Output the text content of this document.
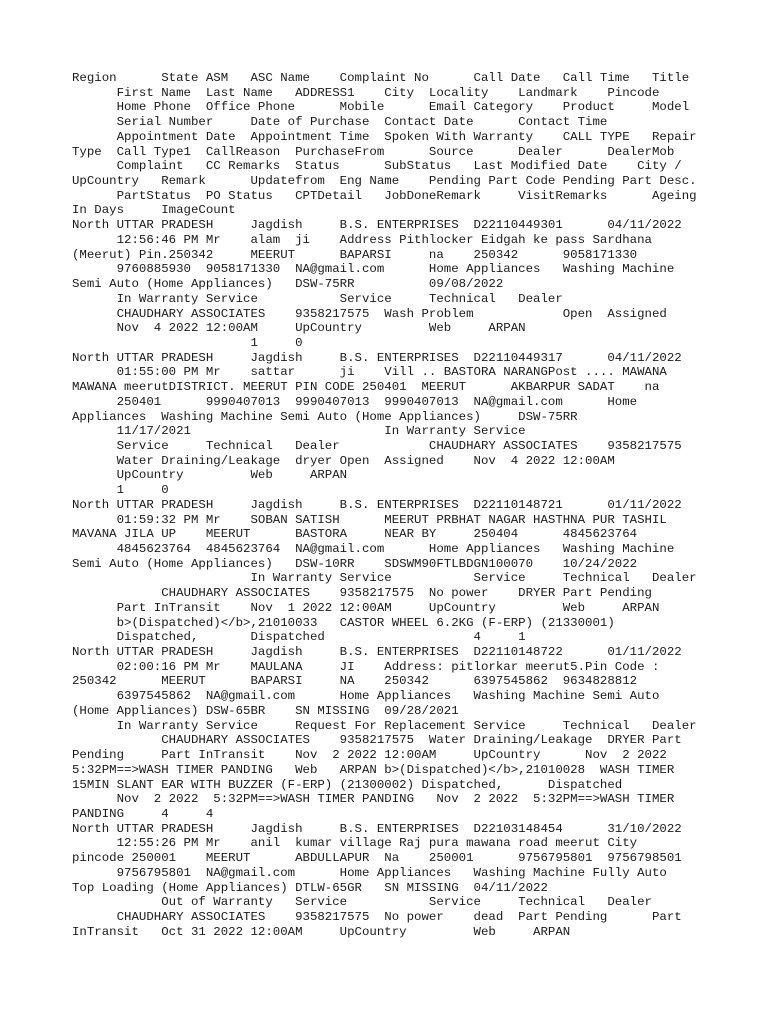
Region      State ASM   ASC Name    Complaint No      Call Date   Call Time   Title
First Name  Last Name   ADDRESS1    City  Locality    Landmark    Pincode
Home Phone  Office Phone      Mobile      Email Category    Product     Model
Serial Number     Date of Purchase  Contact Date      Contact Time
Appointment Date  Appointment Time  Spoken With Warranty    CALL TYPE   Repair
Type  Call Type1  CallReason  PurchaseFrom      Source      Dealer      DealerMob
Complaint   CC Remarks  Status      SubStatus   Last Modified Date    City /
UpCountry   Remark      Updatefrom  Eng Name    Pending Part Code Pending Part Desc.
PartStatus  PO Status   CPTDetail   JobDoneRemark     VisitRemarks      Ageing
In Days     ImageCount
North UTTAR PRADESH     Jagdish     B.S. ENTERPRISES  D22110449301      04/11/2022
12:56:46 PM Mr    alam  ji    Address Pithlocker Eidgah ke pass Sardhana
(Meerut) Pin.250342     MEERUT      BAPARSI     na    250342      9058171330
9760885930  9058171330  NA@gmail.com      Home Appliances   Washing Machine
Semi Auto (Home Appliances)   DSW-75RR          09/08/2022
In Warranty Service           Service     Technical   Dealer
CHAUDHARY ASSOCIATES    9358217575  Wash Problem            Open  Assigned
Nov  4 2022 12:00AM     UpCountry         Web     ARPAN
1     0
North UTTAR PRADESH     Jagdish     B.S. ENTERPRISES  D22110449317      04/11/2022
01:55:00 PM Mr    sattar      ji    Vill .. BASTORA NARANGPost .... MAWANA
MAWANA meerutDISTRICT. MEERUT PIN CODE 250401  MEERUT      AKBARPUR SADAT    na
250401      9990407013  9990407013  9990407013  NA@gmail.com      Home
Appliances  Washing Machine Semi Auto (Home Appliances)     DSW-75RR
11/17/2021                          In Warranty Service
Service     Technical   Dealer            CHAUDHARY ASSOCIATES    9358217575
Water Draining/Leakage  dryer Open  Assigned    Nov  4 2022 12:00AM
UpCountry         Web     ARPAN
1     0
North UTTAR PRADESH     Jagdish     B.S. ENTERPRISES  D22110148721      01/11/2022
01:59:32 PM Mr    SOBAN SATISH      MEERUT PRBHAT NAGAR HASTHNA PUR TASHIL
MAVANA JILA UP    MEERUT      BASTORA     NEAR BY     250404      4845623764
4845623764  4845623764  NA@gmail.com      Home Appliances   Washing Machine
Semi Auto (Home Appliances)   DSW-10RR    SDSWM90FTLBDGN100070    10/24/2022
In Warranty Service           Service     Technical   Dealer
CHAUDHARY ASSOCIATES    9358217575  No power    DRYER Part Pending
Part InTransit    Nov  1 2022 12:00AM     UpCountry         Web     ARPAN
b>(Dispatched)</b>,21010033   CASTOR WHEEL 6.2KG (F-ERP) (21330001)
Dispatched,       Dispatched                    4     1
North UTTAR PRADESH     Jagdish     B.S. ENTERPRISES  D22110148722      01/11/2022
02:00:16 PM Mr    MAULANA     JI    Address: pitlorkar meerut5.Pin Code :
250342      MEERUT      BAPARSI     NA    250342      6397545862  9634828812
6397545862  NA@gmail.com      Home Appliances   Washing Machine Semi Auto
(Home Appliances) DSW-65BR    SN MISSING  09/28/2021
In Warranty Service     Request For Replacement Service     Technical   Dealer
CHAUDHARY ASSOCIATES    9358217575  Water Draining/Leakage  DRYER Part
Pending     Part InTransit    Nov  2 2022 12:00AM     UpCountry      Nov  2 2022
5:32PM==>WASH TIMER PANDING   Web   ARPAN b>(Dispatched)</b>,21010028  WASH TIMER
15MIN SLANT EAR WITH BUZZER (F-ERP) (21300002) Dispatched,      Dispatched
Nov  2 2022  5:32PM==>WASH TIMER PANDING   Nov  2 2022  5:32PM==>WASH TIMER
PANDING     4     4
North UTTAR PRADESH     Jagdish     B.S. ENTERPRISES  D22103148454      31/10/2022
12:55:26 PM Mr    anil  kumar village Raj pura mawana road meerut City
pincode 250001    MEERUT      ABDULLAPUR  Na    250001      9756795801  9756798501
9756795801  NA@gmail.com      Home Appliances   Washing Machine Fully Auto
Top Loading (Home Appliances) DTLW-65GR   SN MISSING  04/11/2022
Out of Warranty   Service           Service     Technical   Dealer
CHAUDHARY ASSOCIATES    9358217575  No power    dead  Part Pending      Part
InTransit   Oct 31 2022 12:00AM     UpCountry         Web     ARPAN
